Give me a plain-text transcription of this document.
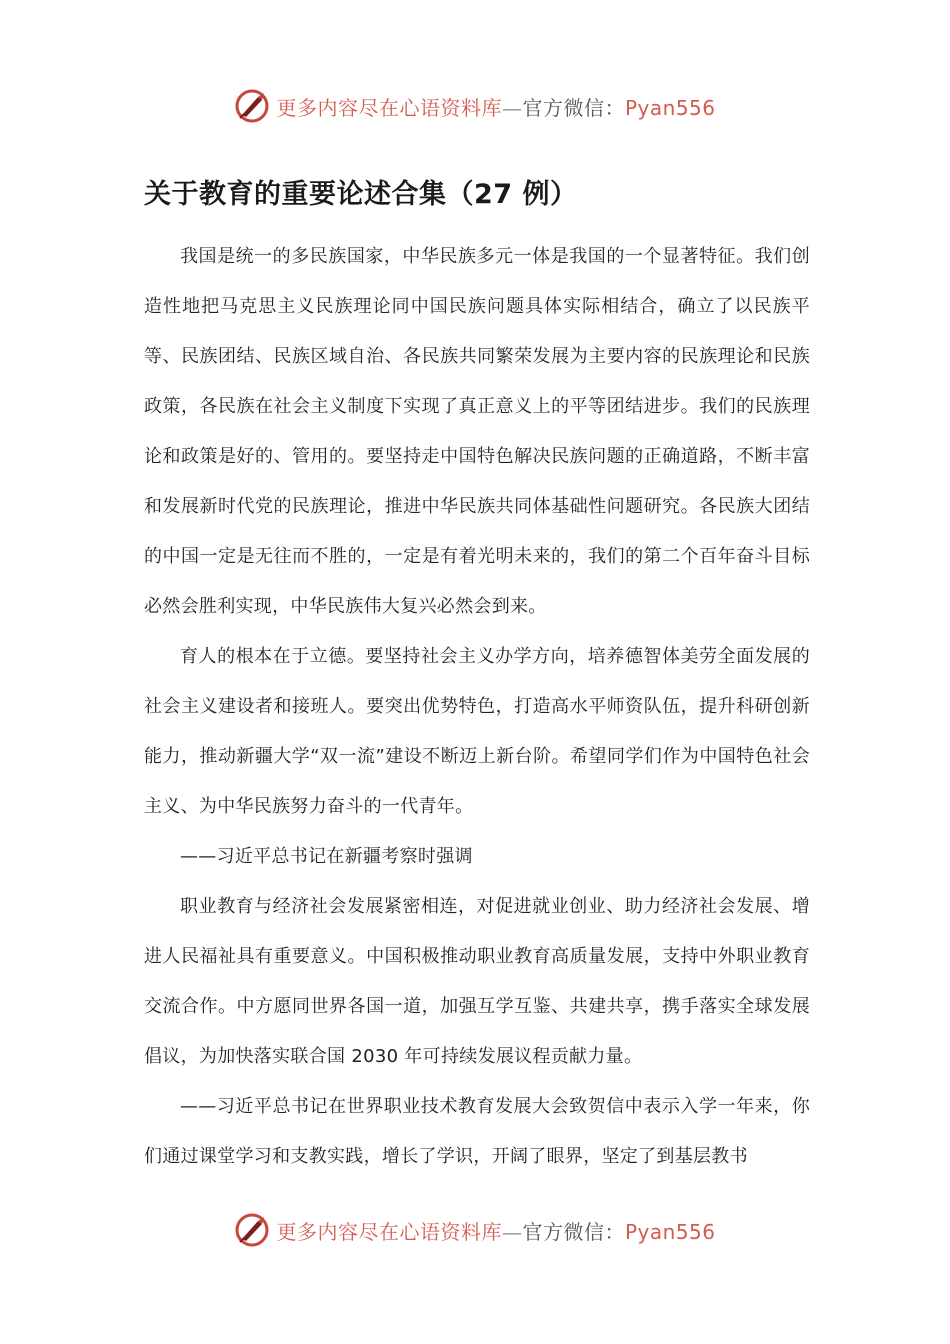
更多内容尽在心语资料库—官方微信：Pyan556
关于教育的重要论述合集（27 例）

我国是统一的多民族国家，中华民族多元一体是我国的一个显著特征。我们创造性地把马克思主义民族理论同中国民族问题具体实际相结合，确立了以民族平等、民族团结、民族区域自治、各民族共同繁荣发展为主要内容的民族理论和民族政策，各民族在社会主义制度下实现了真正意义上的平等团结进步。我们的民族理论和政策是好的、管用的。要坚持走中国特色解决民族问题的正确道路，不断丰富和发展新时代党的民族理论，推进中华民族共同体基础性问题研究。各民族大团结的中国一定是无往而不胜的，一定是有着光明未来的，我们的第二个百年奋斗目标必然会胜利实现，中华民族伟大复兴必然会到来。

育人的根本在于立德。要坚持社会主义办学方向，培养德智体美劳全面发展的社会主义建设者和接班人。要突出优势特色，打造高水平师资队伍，提升科研创新能力，推动新疆大学“双一流”建设不断迈上新台阶。希望同学们作为中国特色社会主义、为中华民族努力奋斗的一代青年。

——习近平总书记在新疆考察时强调

职业教育与经济社会发展紧密相连，对促进就业创业、助力经济社会发展、增进人民福祉具有重要意义。中国积极推动职业教育高质量发展，支持中外职业教育交流合作。中方愿同世界各国一道，加强互学互鉴、共建共享，携手落实全球发展倡议，为加快落实联合国 2030 年可持续发展议程贡献力量。

——习近平总书记在世界职业技术教育发展大会致贺信中表示入学一年来，你们通过课堂学习和支教实践，增长了学识，开阔了眼界，坚定了到基层教书

更多内容尽在心语资料库—官方微信：Pyan556
